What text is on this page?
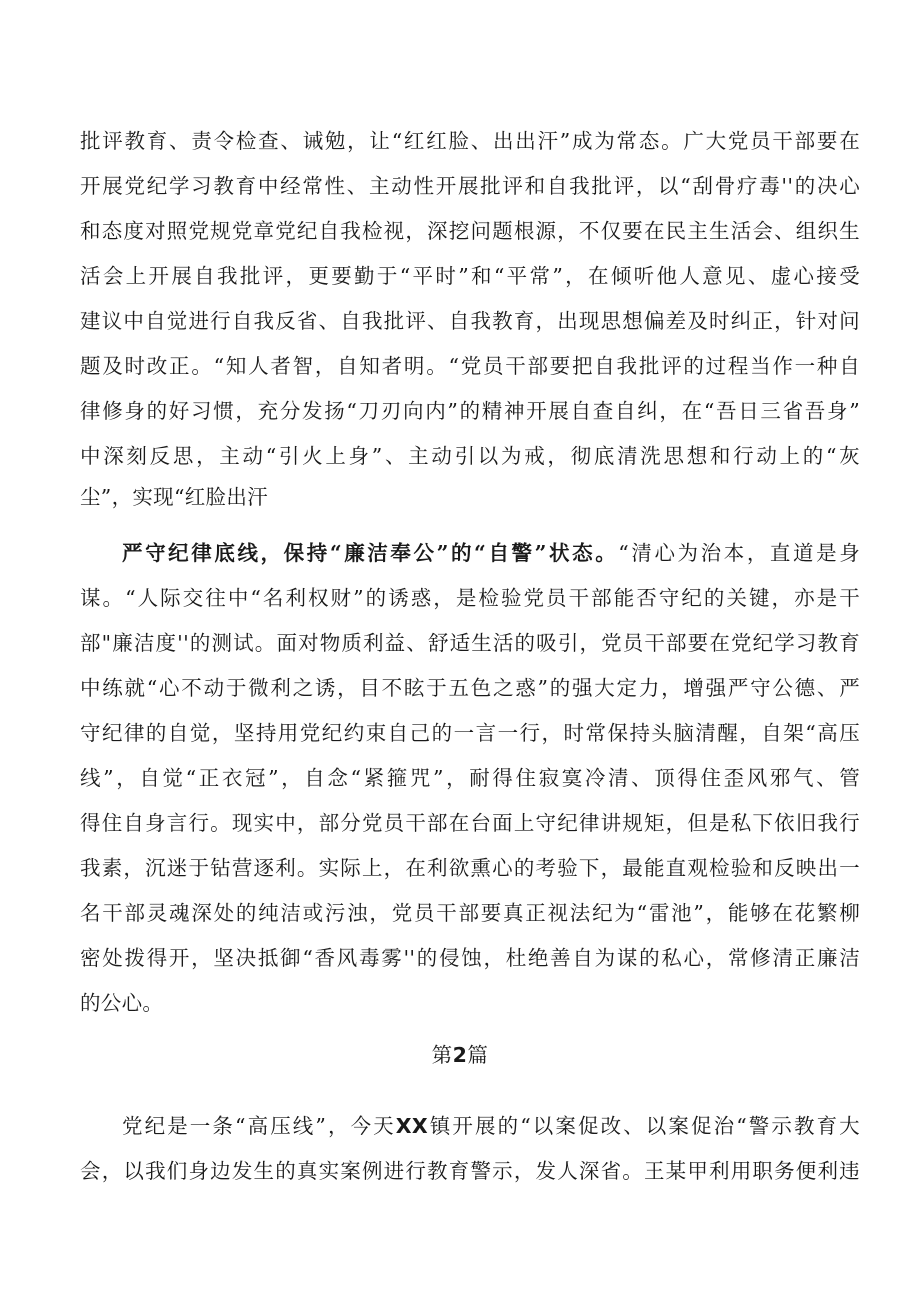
批评教育、责令检查、诫勉，让“红红脸、出出汗”成为常态。广大党员干部要在
开展党纪学习教育中经常性、主动性开展批评和自我批评，以“刮骨疗毒''的决心
和态度对照党规党章党纪自我检视，深挖问题根源，不仅要在民主生活会、组织生
活会上开展自我批评，更要勤于“平时”和“平常”，在倾听他人意见、虚心接受
建议中自觉进行自我反省、自我批评、自我教育，出现思想偏差及时纠正，针对问
题及时改正。“知人者智，自知者明。“党员干部要把自我批评的过程当作一种自
律修身的好习惯，充分发扬“刀刃向内”的精神开展自查自纠，在“吾日三省吾身”
中深刻反思，主动“引火上身”、主动引以为戒，彻底清洗思想和行动上的“灰
尘”，实现“红脸出汗
严守纪律底线，保持“廉洁奉公”的“自警”状态。“清心为治本，直道是身
谋。“人际交往中“名利权财”的诱惑，是检验党员干部能否守纪的关键，亦是干
部"廉洁度''的测试。面对物质利益、舒适生活的吸引，党员干部要在党纪学习教育
中练就“心不动于微利之诱，目不眩于五色之惑”的强大定力，增强严守公德、严
守纪律的自觉，坚持用党纪约束自己的一言一行，时常保持头脑清醒，自架“高压
线”，自觉“正衣冠”，自念“紧箍咒”，耐得住寂寞冷清、顶得住歪风邪气、管
得住自身言行。现实中，部分党员干部在台面上守纪律讲规矩，但是私下依旧我行
我素，沉迷于钻营逐利。实际上，在利欲熏心的考验下，最能直观检验和反映出一
名干部灵魂深处的纯洁或污浊，党员干部要真正视法纪为“雷池”，能够在花繁柳
密处拨得开，坚决抵御“香风毒雾''的侵蚀，杜绝善自为谋的私心，常修清正廉洁
的公心。
第2篇
党纪是一条“高压线”，今天XX镇开展的“以案促改、以案促治“警示教育大
会，以我们身边发生的真实案例进行教育警示，发人深省。王某甲利用职务便利违
